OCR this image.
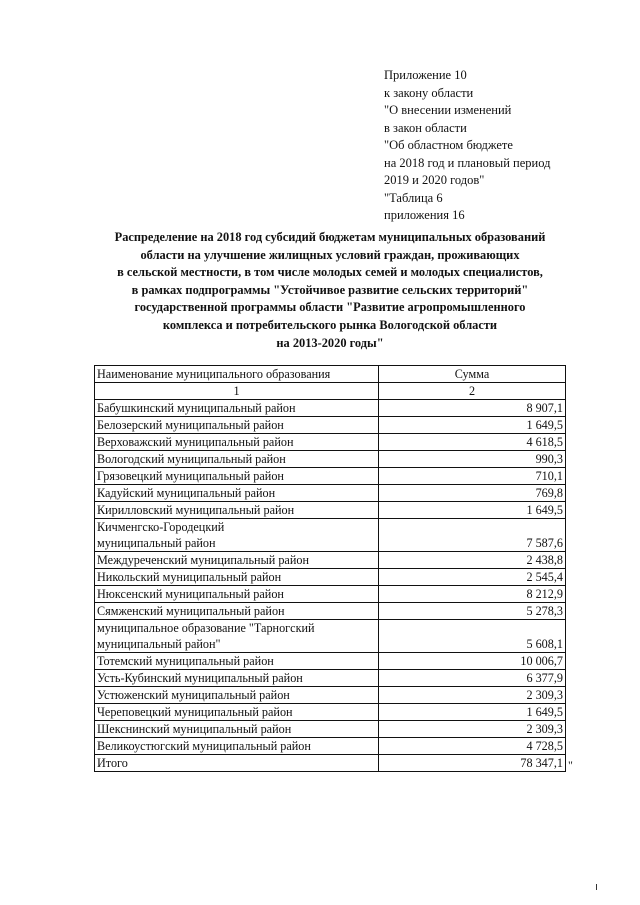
Приложение 10
к закону области
"О внесении изменений
в закон области
"Об областном бюджете
на 2018 год и плановый период
2019 и 2020 годов"
"Таблица 6
приложения 16
Распределение на 2018 год субсидий бюджетам муниципальных образований
области на улучшение жилищных условий граждан, проживающих
в сельской местности, в том числе молодых семей и молодых специалистов,
в рамках подпрограммы "Устойчивое развитие сельских территорий"
государственной программы области "Развитие агропромышленного
комплекса и потребительского рынка Вологодской области
на 2013-2020 годы"
Наименование муниципального образования	Сумма
1	2

Бабушкинский муниципальный район	8 907,1

Белозерский муниципальный район	1 649,5

Верховажский муниципальный район	4 618,5

Вологодский муниципальный район	990,3

Грязовецкий муниципальный район	710,1

Кадуйский муниципальный район	769,8

Кирилловский муниципальный район	1 649,5

Кичменгско-Городецкий
муниципальный район	7 587,6

Междуреченский муниципальный район	2 438,8

Никольский муниципальный район	2 545,4

Нюксенский муниципальный район	8 212,9

Сямженский муниципальный район	5 278,3

муниципальное образование "Тарногский
муниципальный район"	5 608,1

Тотемский муниципальный район	10 006,7

Усть-Кубинский муниципальный район	6 377,9

Устюженский муниципальный район	2 309,3

Череповецкий муниципальный район	1 649,5

Шекснинский муниципальный район	2 309,3

Великоустюгский муниципальный район	4 728,5
Итого	78 347,1 "
